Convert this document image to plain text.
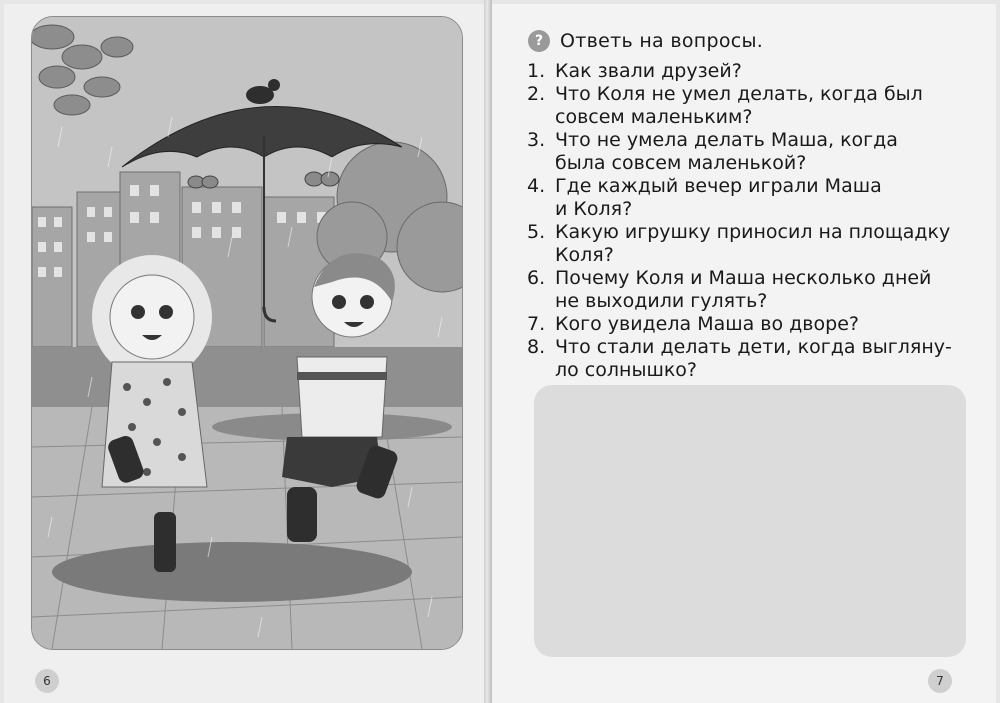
6	7
? Ответь на вопросы.
1. Как звали друзей?
2. Что Коля не умел делать, когда был
совсем маленьким?
3. Что не умела делать Маша, когда
была совсем маленькой?
4. Где каждый вечер играли Маша
и Коля?
5. Какую игрушку приносил на площадку
Коля?
6. Почему Коля и Маша несколько дней
не выходили гулять?
7. Кого увидела Маша во дворе?
8. Что стали делать дети, когда выгляну-
ло солнышко?
